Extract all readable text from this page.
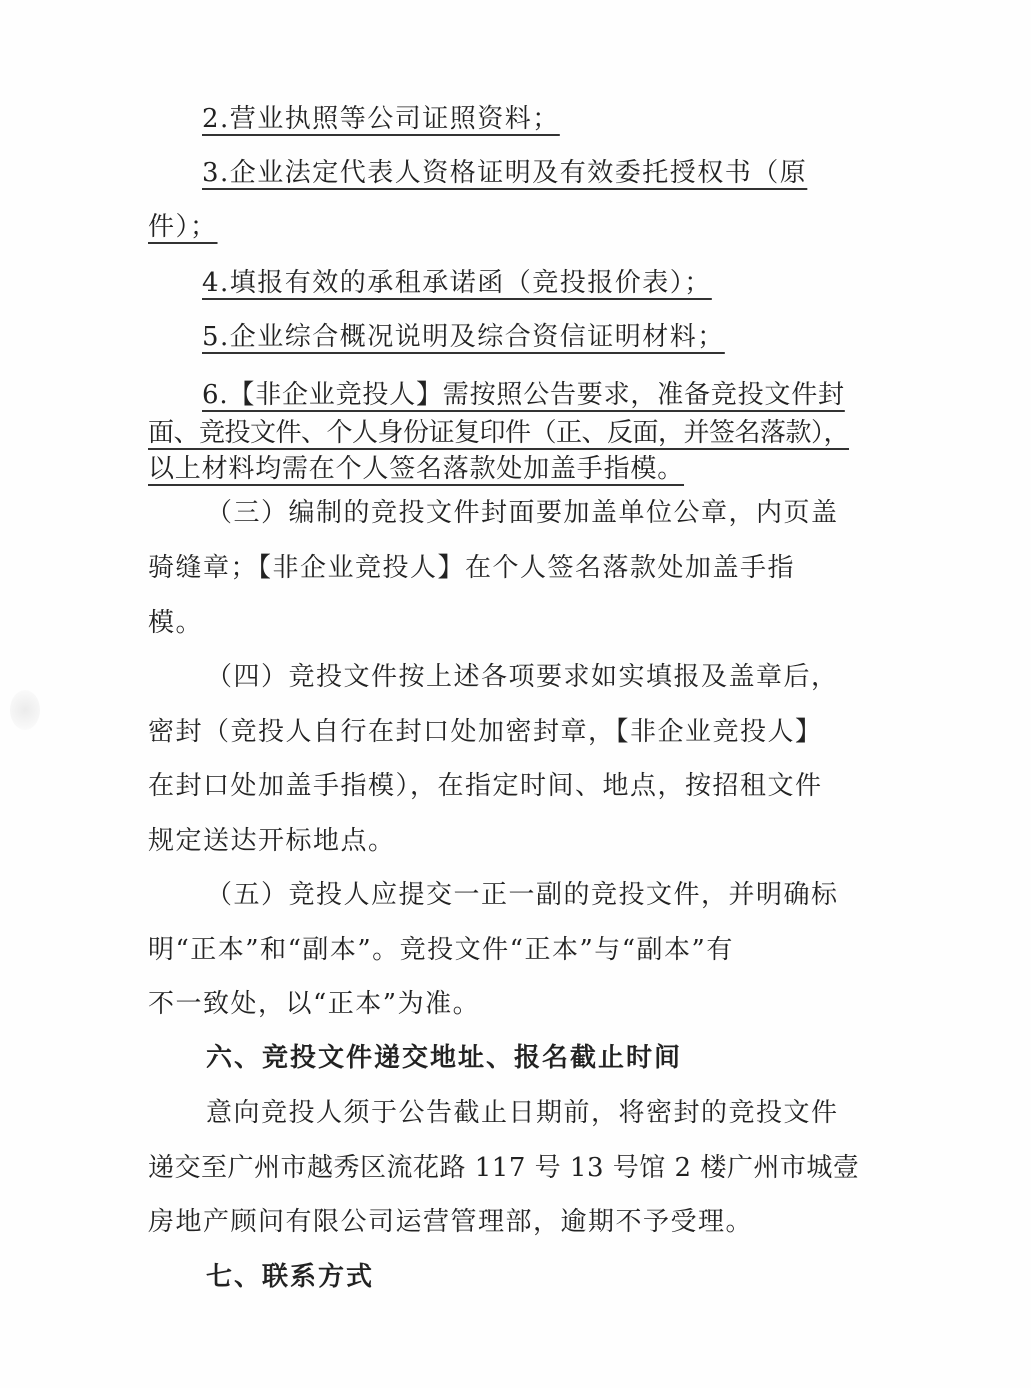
2.营业执照等公司证照资料；
3.企业法定代表人资格证明及有效委托授权书（原
件）；
4.填报有效的承租承诺函（竞投报价表）；
5.企业综合概况说明及综合资信证明材料；
6.【非企业竞投人】需按照公告要求，准备竞投文件封
面、竞投文件、个人身份证复印件（正、反面，并签名落款），
以上材料均需在个人签名落款处加盖手指模。
（三）编制的竞投文件封面要加盖单位公章，内页盖
骑缝章；【非企业竞投人】在个人签名落款处加盖手指
模。
（四）竞投文件按上述各项要求如实填报及盖章后，
密封（竞投人自行在封口处加密封章，【非企业竞投人】
在封口处加盖手指模），在指定时间、地点，按招租文件
规定送达开标地点。
（五）竞投人应提交一正一副的竞投文件，并明确标
明“正本”和“副本”。竞投文件“正本”与“副本”有
不一致处，以“正本”为准。
六、竞投文件递交地址、报名截止时间
意向竞投人须于公告截止日期前，将密封的竞投文件
递交至广州市越秀区流花路 117 号 13 号馆 2 楼广州市城壹
房地产顾问有限公司运营管理部，逾期不予受理。
七、联系方式
